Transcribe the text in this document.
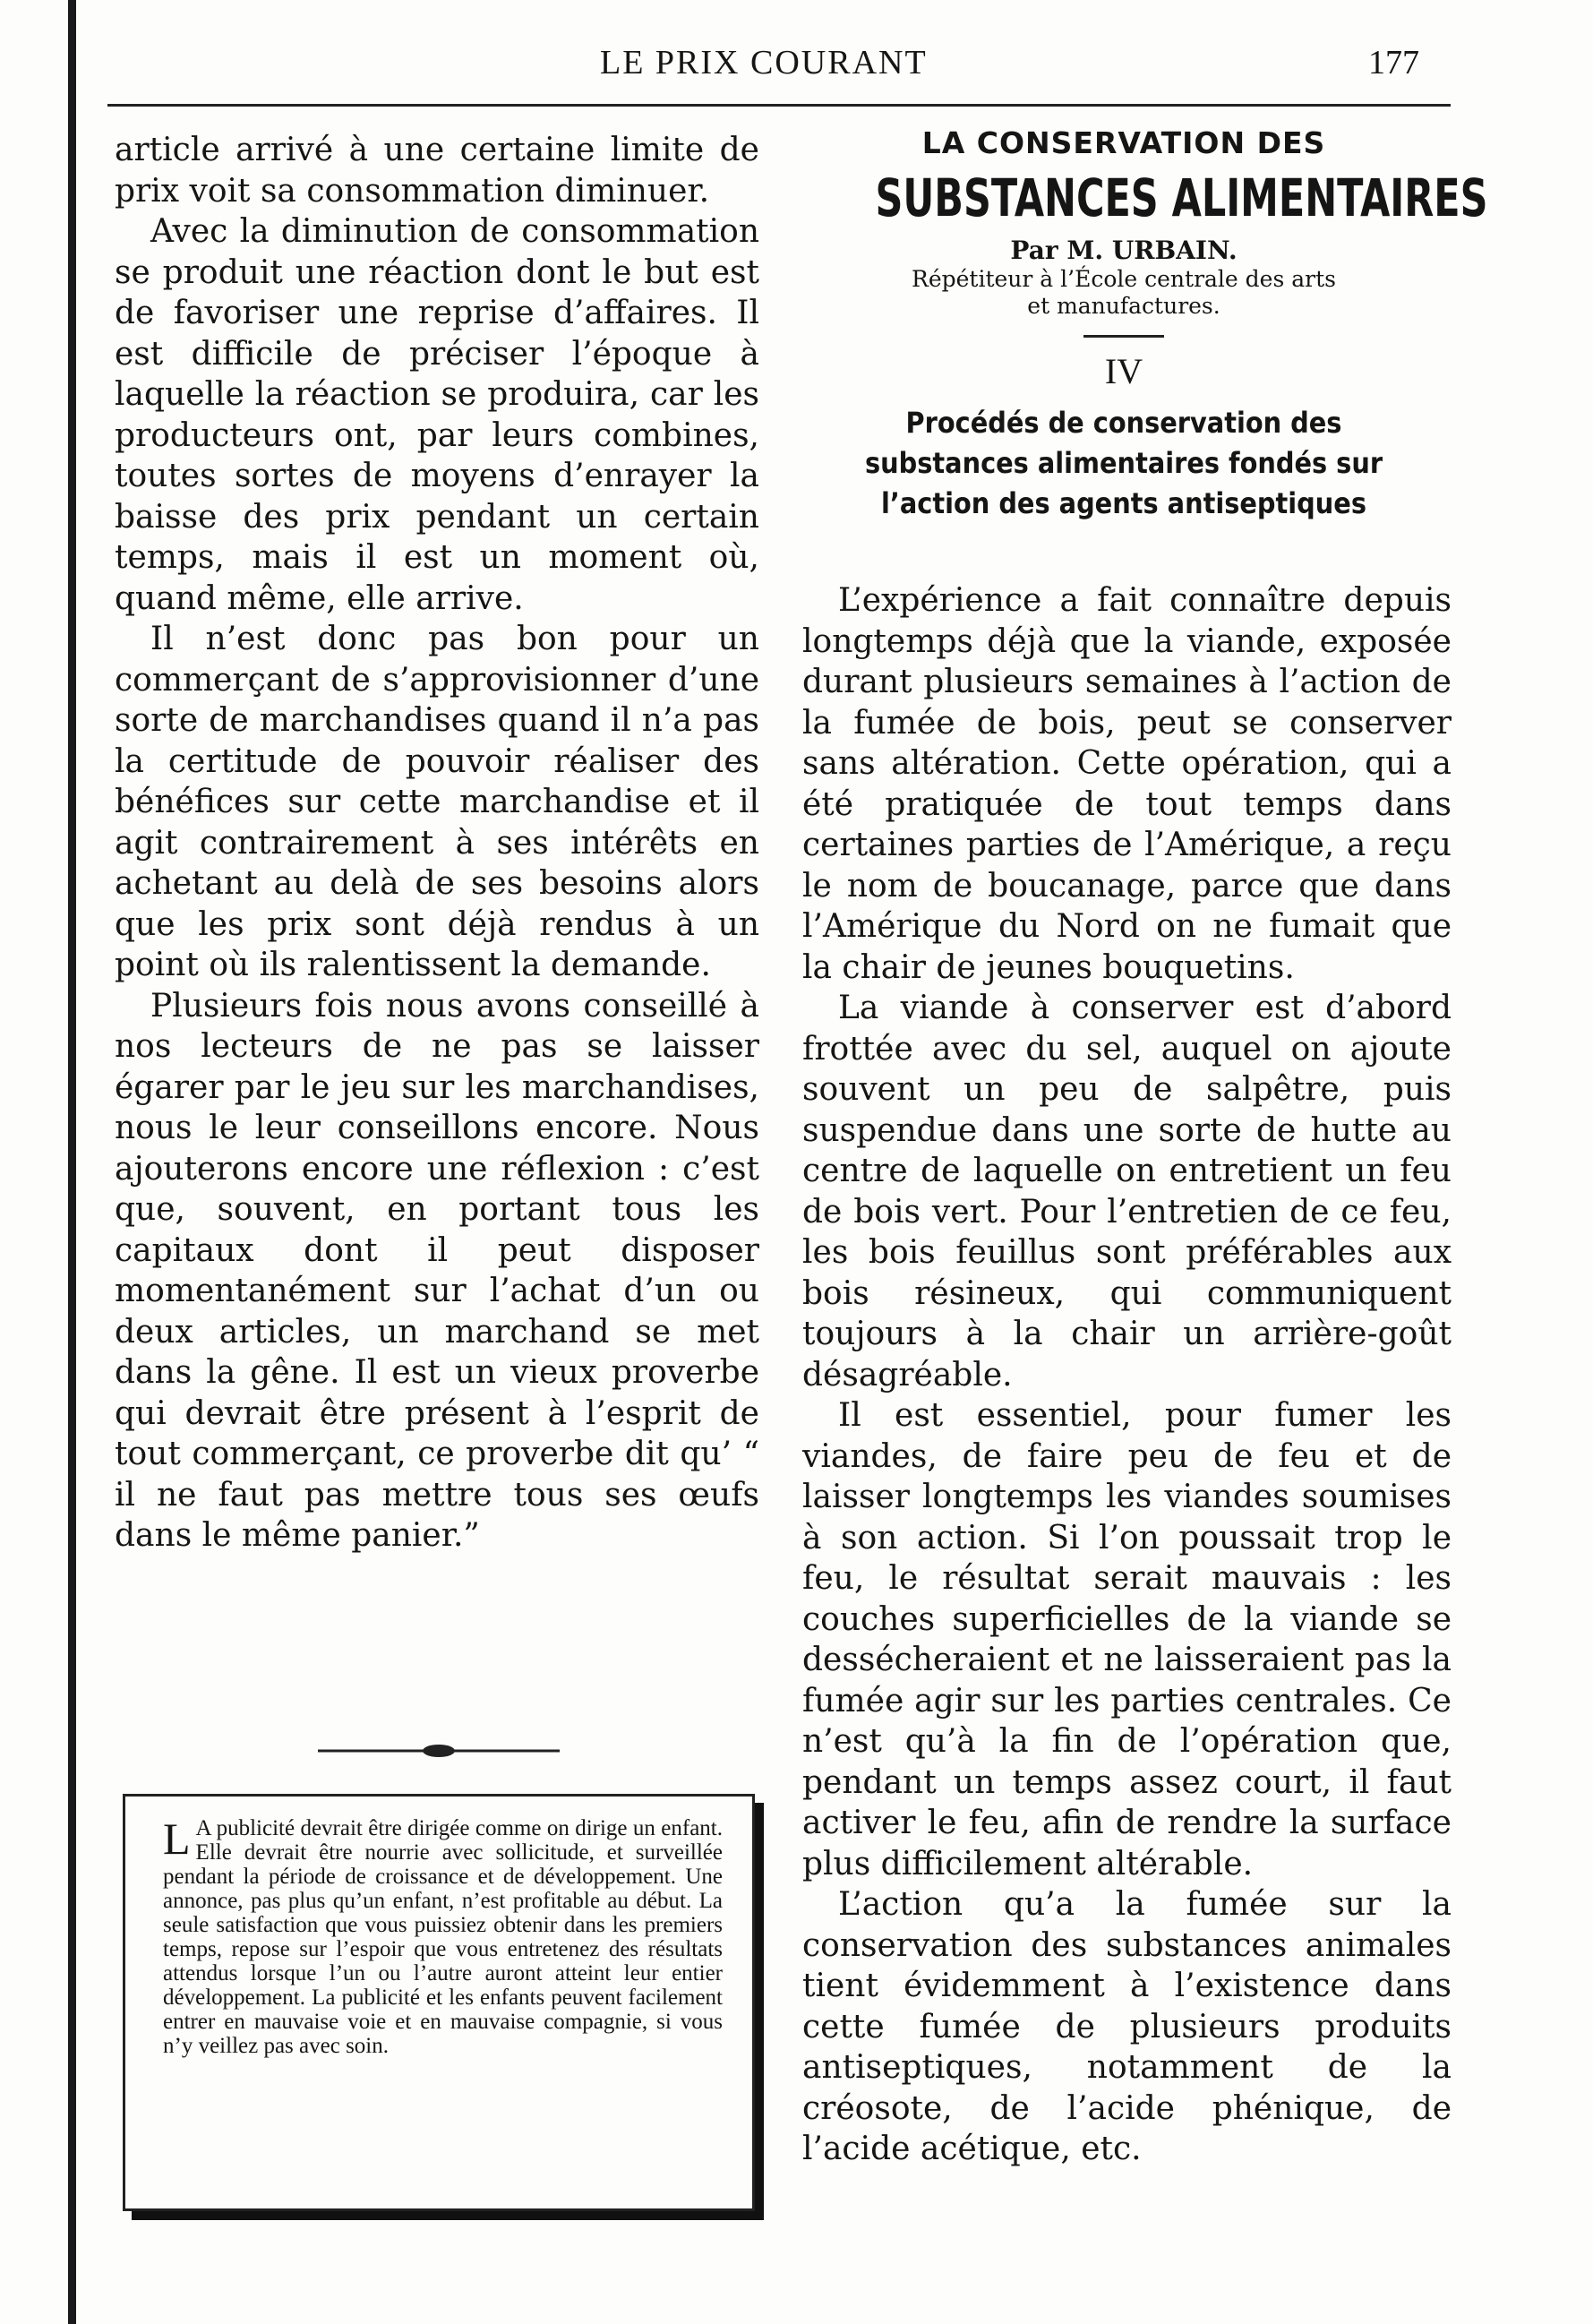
LE PRIX COURANT	177

article arrivé à une certaine limite de prix voit sa consommation diminuer.

Avec la diminution de consommation se produit une réaction dont le but est de favoriser une reprise d’affaires. Il est difficile de préciser l’époque à laquelle la réaction se produira, car les producteurs ont, par leurs combines, toutes sortes de moyens d’enrayer la baisse des prix pendant un certain temps, mais il est un moment où, quand même, elle arrive.

Il n’est donc pas bon pour un commerçant de s’approvisionner d’une sorte de marchandises quand il n’a pas la certitude de pouvoir réaliser des bénéfices sur cette marchandise et il agit contrairement à ses intérêts en achetant au delà de ses besoins alors que les prix sont déjà rendus à un point où ils ralentissent la demande.

Plusieurs fois nous avons conseillé à nos lecteurs de ne pas se laisser égarer par le jeu sur les marchandises, nous le leur conseillons encore. Nous ajouterons encore une réflexion : c’est que, souvent, en portant tous les capitaux dont il peut disposer momentanément sur l’achat d’un ou deux articles, un marchand se met dans la gêne. Il est un vieux proverbe qui devrait être présent à l’esprit de tout commerçant, ce proverbe dit qu’ “ il ne faut pas mettre tous ses œufs dans le même panier.”

L A publicité devrait être dirigée comme on dirige un enfant. Elle devrait être nourrie avec sollicitude, et surveillée pendant la période de croissance et de développement. Une annonce, pas plus qu’un enfant, n’est profitable au début. La seule satisfaction que vous puissiez obtenir dans les premiers temps, repose sur l’espoir que vous entretenez des résultats attendus lorsque l’un ou l’autre auront atteint leur entier développement. La publicité et les enfants peuvent facilement entrer en mauvaise voie et en mauvaise compagnie, si vous n’y veillez pas avec soin.

LA CONSERVATION DES

SUBSTANCES ALIMENTAIRES

Par M. URBAIN.

Répétiteur à l’École centrale des arts

et manufactures.

IV

Procédés de conservation des substances alimentaires fondés sur l’action des agents antiseptiques

L’expérience a fait connaître depuis longtemps déjà que la viande, exposée durant plusieurs semaines à l’action de la fumée de bois, peut se conserver sans altération. Cette opération, qui a été pratiquée de tout temps dans certaines parties de l’Amérique, a reçu le nom de boucanage, parce que dans l’Amérique du Nord on ne fumait que la chair de jeunes bouquetins.

La viande à conserver est d’abord frottée avec du sel, auquel on ajoute souvent un peu de salpêtre, puis suspendue dans une sorte de hutte au centre de laquelle on entretient un feu de bois vert. Pour l’entretien de ce feu, les bois feuillus sont préférables aux bois résineux, qui communiquent toujours à la chair un arrière-goût désagréable.

Il est essentiel, pour fumer les viandes, de faire peu de feu et de laisser longtemps les viandes soumises à son action. Si l’on poussait trop le feu, le résultat serait mauvais : les couches superficielles de la viande se dessécheraient et ne laisseraient pas la fumée agir sur les parties centrales. Ce n’est qu’à la fin de l’opération que, pendant un temps assez court, il faut activer le feu, afin de rendre la surface plus difficilement altérable.

L’action qu’a la fumée sur la conservation des substances animales tient évidemment à l’existence dans cette fumée de plusieurs produits antiseptiques, notamment de la créosote, de l’acide phénique, de l’acide acétique, etc.
